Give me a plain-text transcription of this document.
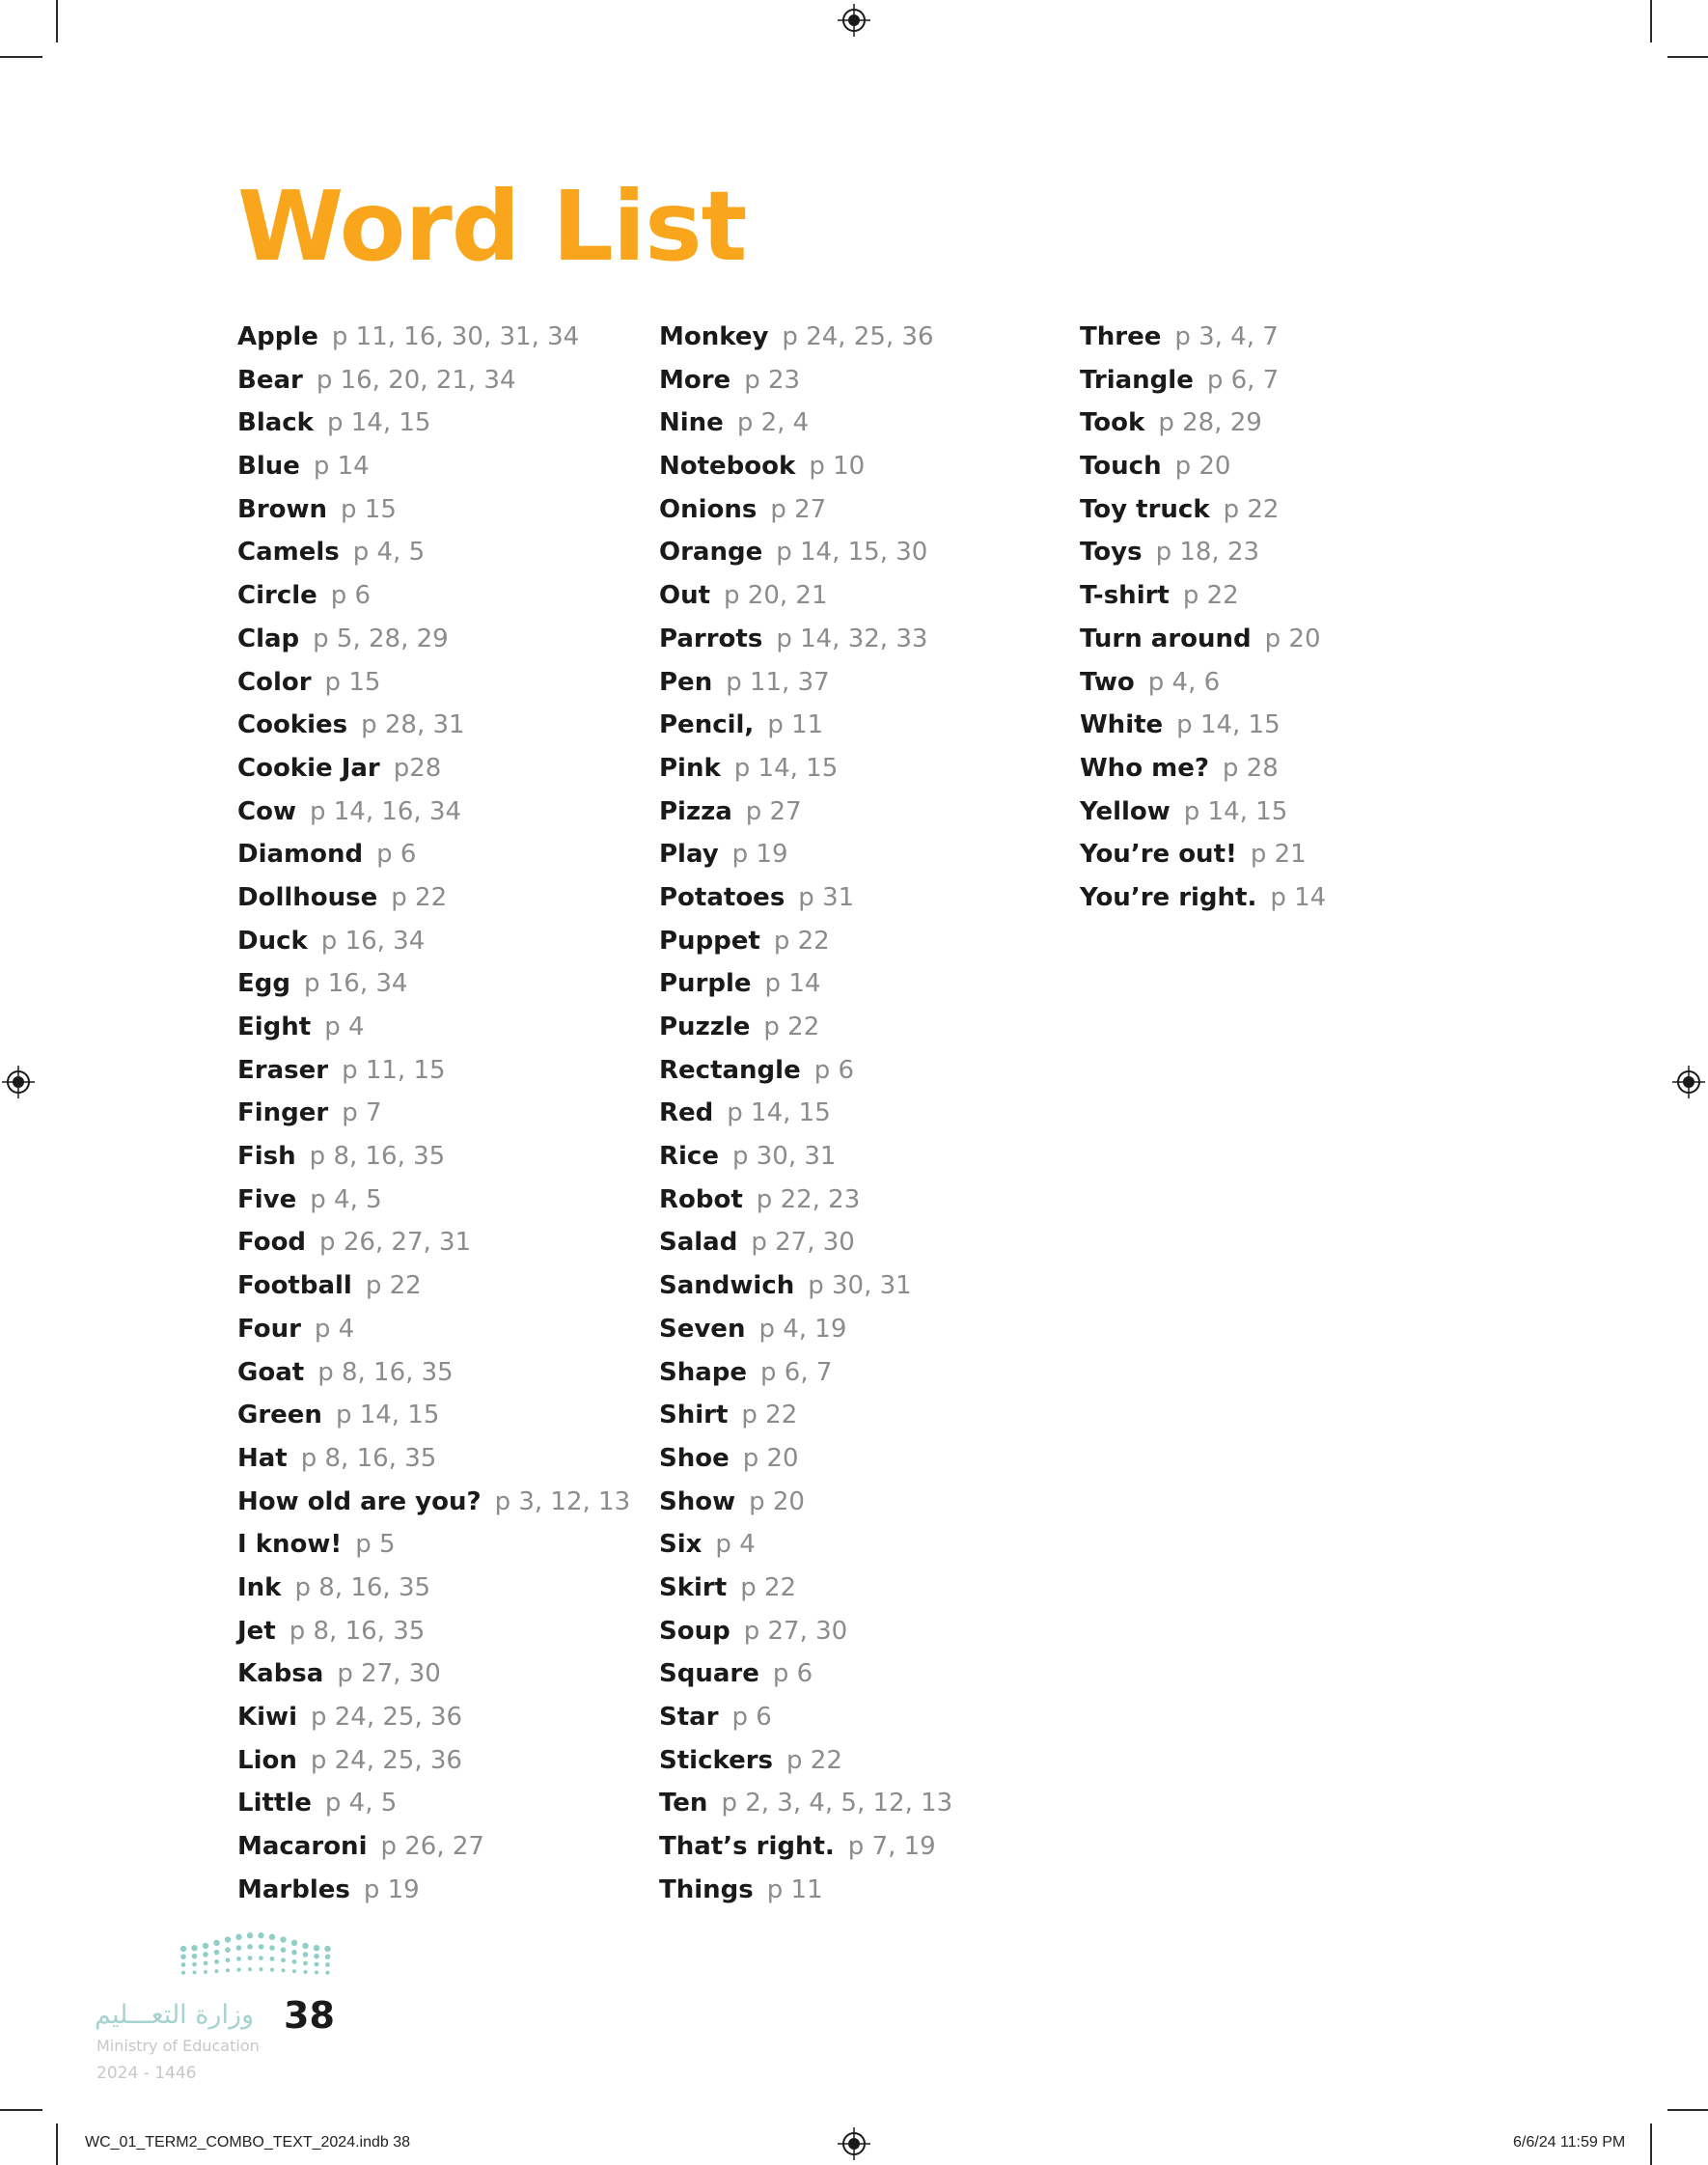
Word List
Apple p 11, 16, 30, 31, 34
Bear p 16, 20, 21, 34
Black p 14, 15
Blue p 14
Brown p 15
Camels p 4, 5
Circle p 6
Clap p 5, 28, 29
Color p 15
Cookies p 28, 31
Cookie Jar p28
Cow p 14, 16, 34
Diamond p 6
Dollhouse p 22
Duck p 16, 34
Egg p 16, 34
Eight p 4
Eraser p 11, 15
Finger p 7
Fish p 8, 16, 35
Five p 4, 5
Food p 26, 27, 31
Football p 22
Four p 4
Goat p 8, 16, 35
Green p 14, 15
Hat p 8, 16, 35
How old are you? p 3, 12, 13
I know! p 5
Ink p 8, 16, 35
Jet p 8, 16, 35
Kabsa p 27, 30
Kiwi p 24, 25, 36
Lion p 24, 25, 36
Little p 4, 5
Macaroni p 26, 27
Marbles p 19
Monkey p 24, 25, 36
More p 23
Nine p 2, 4
Notebook p 10
Onions p 27
Orange p 14, 15, 30
Out p 20, 21
Parrots p 14, 32, 33
Pen p 11, 37
Pencil, p 11
Pink p 14, 15
Pizza p 27
Play p 19
Potatoes p 31
Puppet p 22
Purple p 14
Puzzle p 22
Rectangle p 6
Red p 14, 15
Rice p 30, 31
Robot p 22, 23
Salad p 27, 30
Sandwich p 30, 31
Seven p 4, 19
Shape p 6, 7
Shirt p 22
Shoe p 20
Show p 20
Six p 4
Skirt p 22
Soup p 27, 30
Square p 6
Star p 6
Stickers p 22
Ten p 2, 3, 4, 5, 12, 13
That’s right. p 7, 19
Things p 11
Three p 3, 4, 7
Triangle p 6, 7
Took p 28, 29
Touch p 20
Toy truck p 22
Toys p 18, 23
T-shirt p 22
Turn around p 20
Two p 4, 6
White p 14, 15
Who me? p 28
Yellow p 14, 15
You’re out! p 21
You’re right. p 14
وزارة التعـــليم 38
Ministry of Education
2024 - 1446
WC_01_TERM2_COMBO_TEXT_2024.indb 38	6/6/24 11:59 PM
